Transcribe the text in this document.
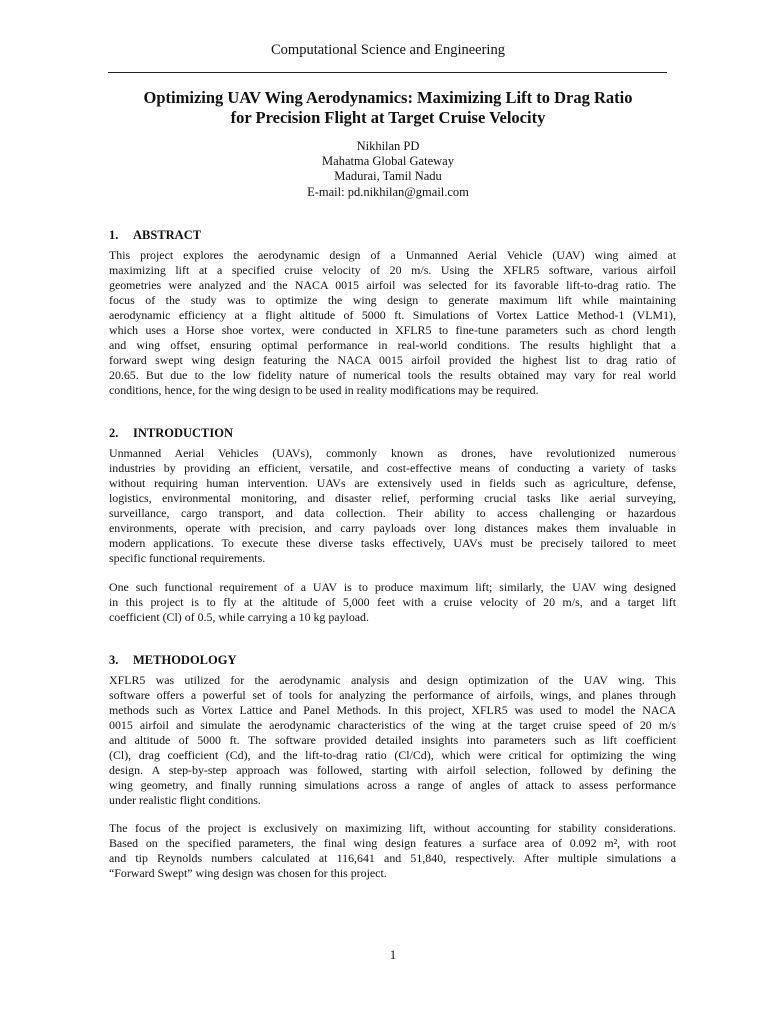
Computational Science and Engineering
Optimizing UAV Wing Aerodynamics: Maximizing Lift to Drag Ratio
for Precision Flight at Target Cruise Velocity
Nikhilan PD
Mahatma Global Gateway
Madurai, Tamil Nadu
E-mail: pd.nikhilan@gmail.com
1. ABSTRACT
This project explores the aerodynamic design of a Unmanned Aerial Vehicle (UAV) wing aimed at
maximizing lift at a specified cruise velocity of 20 m/s. Using the XFLR5 software, various airfoil
geometries were analyzed and the NACA 0015 airfoil was selected for its favorable lift-to-drag ratio. The
focus of the study was to optimize the wing design to generate maximum lift while maintaining
aerodynamic efficiency at a flight altitude of 5000 ft. Simulations of Vortex Lattice Method-1 (VLM1),
which uses a Horse shoe vortex, were conducted in XFLR5 to fine-tune parameters such as chord length
and wing offset, ensuring optimal performance in real-world conditions. The results highlight that a
forward swept wing design featuring the NACA 0015 airfoil provided the highest list to drag ratio of
20.65. But due to the low fidelity nature of numerical tools the results obtained may vary for real world
conditions, hence, for the wing design to be used in reality modifications may be required.
2. INTRODUCTION
Unmanned Aerial Vehicles (UAVs), commonly known as drones, have revolutionized numerous
industries by providing an efficient, versatile, and cost-effective means of conducting a variety of tasks
without requiring human intervention. UAVs are extensively used in fields such as agriculture, defense,
logistics, environmental monitoring, and disaster relief, performing crucial tasks like aerial surveying,
surveillance, cargo transport, and data collection. Their ability to access challenging or hazardous
environments, operate with precision, and carry payloads over long distances makes them invaluable in
modern applications. To execute these diverse tasks effectively, UAVs must be precisely tailored to meet
specific functional requirements.
One such functional requirement of a UAV is to produce maximum lift; similarly, the UAV wing designed
in this project is to fly at the altitude of 5,000 feet with a cruise velocity of 20 m/s, and a target lift
coefficient (Cl) of 0.5, while carrying a 10 kg payload.
3. METHODOLOGY
XFLR5 was utilized for the aerodynamic analysis and design optimization of the UAV wing. This
software offers a powerful set of tools for analyzing the performance of airfoils, wings, and planes through
methods such as Vortex Lattice and Panel Methods. In this project, XFLR5 was used to model the NACA
0015 airfoil and simulate the aerodynamic characteristics of the wing at the target cruise speed of 20 m/s
and altitude of 5000 ft. The software provided detailed insights into parameters such as lift coefficient
(Cl), drag coefficient (Cd), and the lift-to-drag ratio (Cl/Cd), which were critical for optimizing the wing
design. A step-by-step approach was followed, starting with airfoil selection, followed by defining the
wing geometry, and finally running simulations across a range of angles of attack to assess performance
under realistic flight conditions.
The focus of the project is exclusively on maximizing lift, without accounting for stability considerations.
Based on the specified parameters, the final wing design features a surface area of 0.092 m², with root
and tip Reynolds numbers calculated at 116,641 and 51,840, respectively. After multiple simulations a
“Forward Swept” wing design was chosen for this project.
1
